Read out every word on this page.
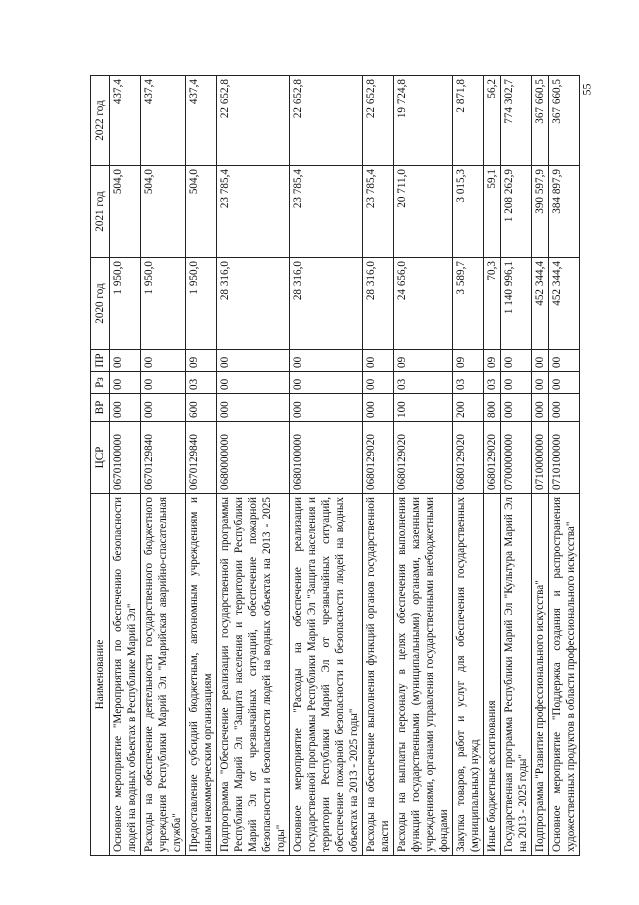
55
Наименование	ЦСР	ВР	Рз	ПР	2020 год	2021 год	2022 год
Основное мероприятие "Мероприятия по обеспечению безопасности людей на водных объектах в Республике Марий Эл"	0670100000	000	00	00	1 950,0	504,0	437,4
Расходы на обеспечение деятельности государственного бюджетного учреждения Республики Марий Эл "Марийская аварийно-спасательная служба"	0670129840	000	00	00	1 950,0	504,0	437,4
Предоставление субсидий бюджетным, автономным учреждениям и иным некоммерческим организациям	0670129840	600	03	09	1 950,0	504,0	437,4
Подпрограмма "Обеспечение реализации государственной программы Республики Марий Эл "Защита населения и территории Республики Марий Эл от чрезвычайных ситуаций, обеспечение пожарной безопасности и безопасности людей на водных объектах на 2013 - 2025 годы"	0680000000	000	00	00	28 316,0	23 785,4	22 652,8
Основное мероприятие "Расходы на обеспечение реализации государственной программы Республики Марий Эл "Защита населения и территории Республики Марий Эл от чрезвычайных ситуаций, обеспечение пожарной безопасности и безопасности людей на водных объектах на 2013 - 2025 годы"	0680100000	000	00	00	28 316,0	23 785,4	22 652,8
Расходы на обеспечение выполнения функций органов государственной власти	0680129020	000	00	00	28 316,0	23 785,4	22 652,8
Расходы на выплаты персоналу в целях обеспечения выполнения функций государственными (муниципальными) органами, казенными учреждениями, органами управления государственными внебюджетными фондами	0680129020	100	03	09	24 656,0	20 711,0	19 724,8
Закупка товаров, работ и услуг для обеспечения государственных (муниципальных) нужд	0680129020	200	03	09	3 589,7	3 015,3	2 871,8
Иные бюджетные ассигнования	0680129020	800	03	09	70,3	59,1	56,2
Государственная программа Республики Марий Эл "Культура Марий Эл на 2013 - 2025 годы"	0700000000	000	00	00	1 140 996,1	1 208 262,9	774 302,7
Подпрограмма "Развитие профессионального искусства"	0710000000	000	00	00	452 344,4	390 597,9	367 660,5
Основное мероприятие "Поддержка создания и распространения художественных продуктов в области профессионального искусства"	0710100000	000	00	00	452 344,4	384 897,9	367 660,5
